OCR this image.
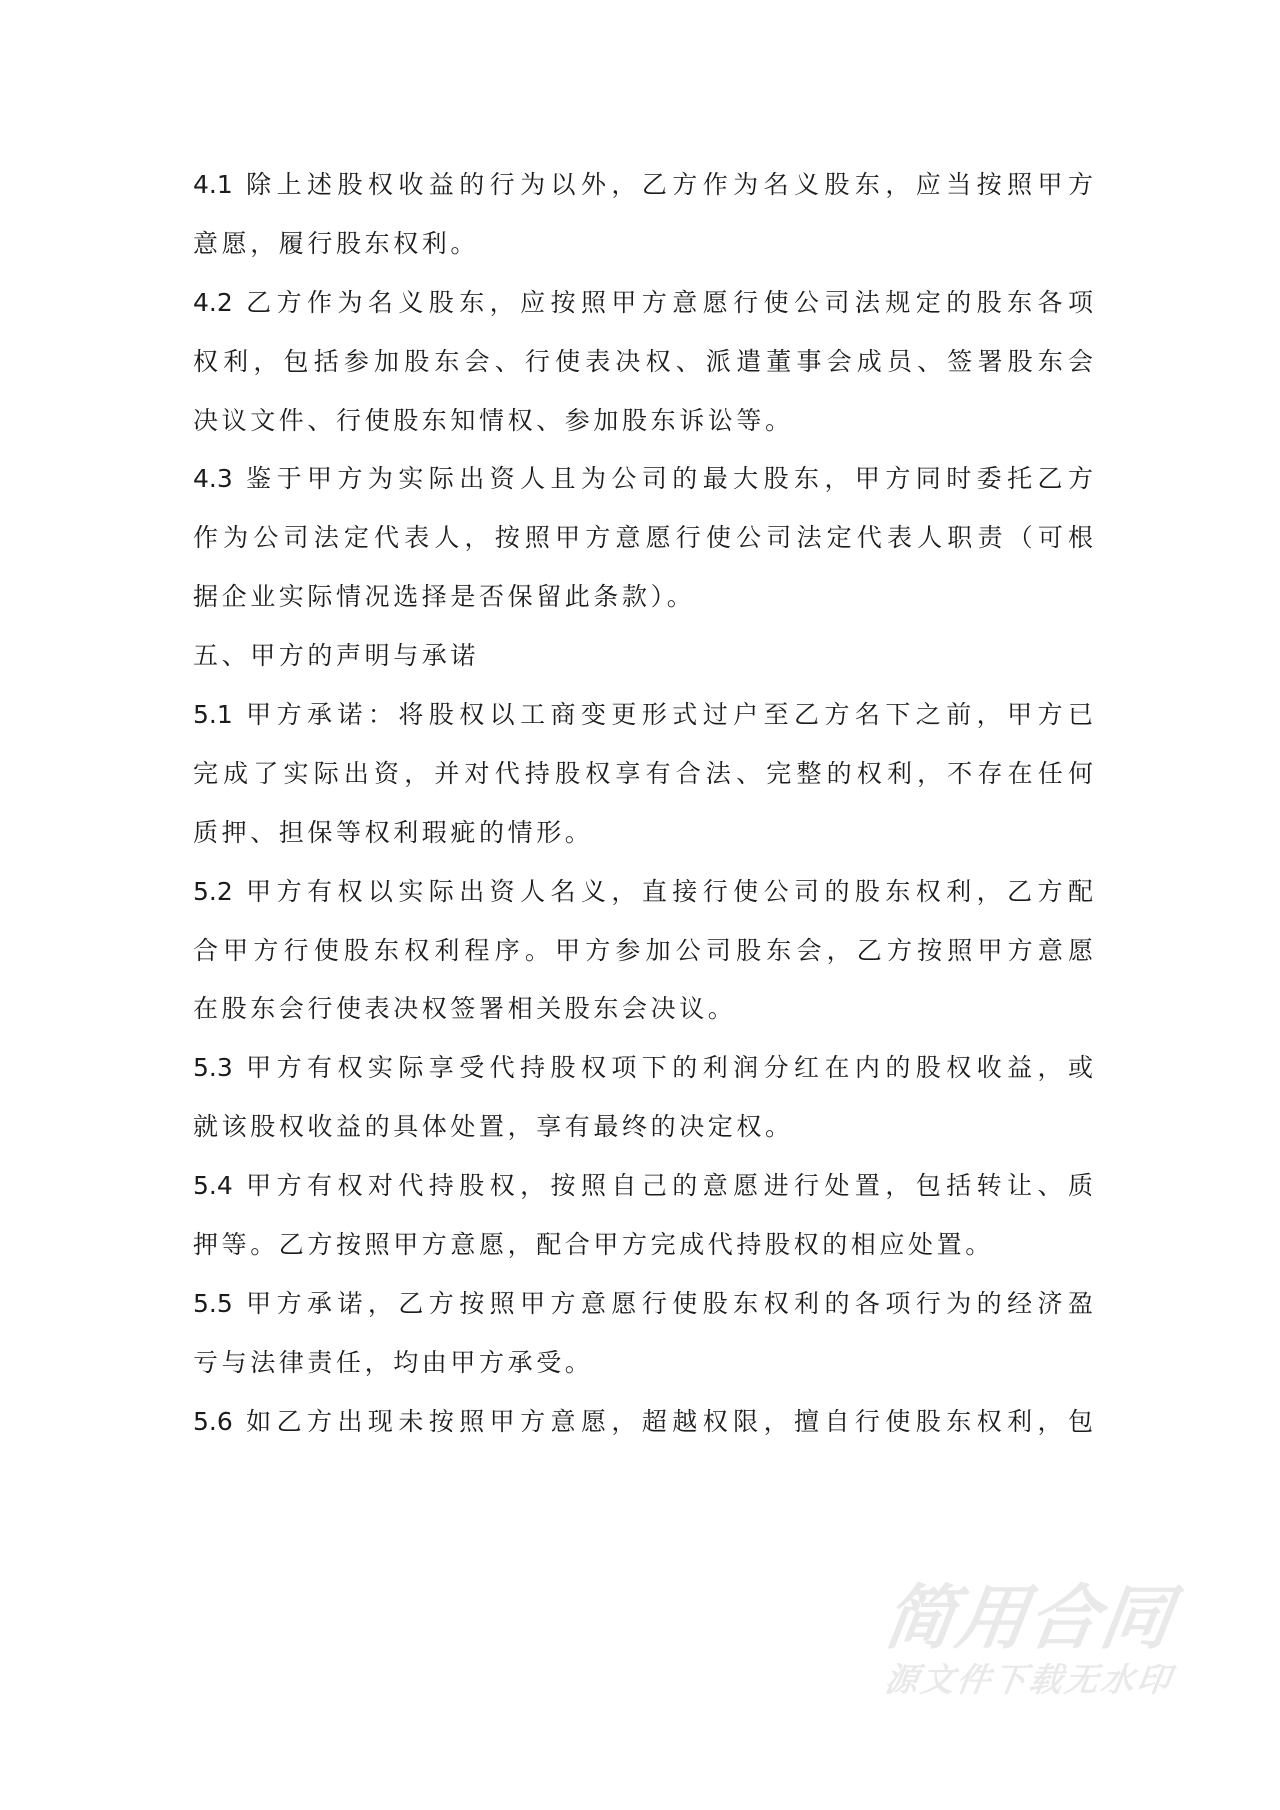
4.1 除上述股权收益的行为以外，乙方作为名义股东，应当按照甲方
意愿，履行股东权利。
4.2 乙方作为名义股东，应按照甲方意愿行使公司法规定的股东各项
权利，包括参加股东会、行使表决权、派遣董事会成员、签署股东会
决议文件、行使股东知情权、参加股东诉讼等。
4.3 鉴于甲方为实际出资人且为公司的最大股东，甲方同时委托乙方
作为公司法定代表人，按照甲方意愿行使公司法定代表人职责（可根
据企业实际情况选择是否保留此条款）。
五、甲方的声明与承诺
5.1 甲方承诺：将股权以工商变更形式过户至乙方名下之前，甲方已
完成了实际出资，并对代持股权享有合法、完整的权利，不存在任何
质押、担保等权利瑕疵的情形。
5.2 甲方有权以实际出资人名义，直接行使公司的股东权利，乙方配
合甲方行使股东权利程序。甲方参加公司股东会，乙方按照甲方意愿
在股东会行使表决权签署相关股东会决议。
5.3 甲方有权实际享受代持股权项下的利润分红在内的股权收益，或
就该股权收益的具体处置，享有最终的决定权。
5.4 甲方有权对代持股权，按照自己的意愿进行处置，包括转让、质
押等。乙方按照甲方意愿，配合甲方完成代持股权的相应处置。
5.5 甲方承诺，乙方按照甲方意愿行使股东权利的各项行为的经济盈
亏与法律责任，均由甲方承受。
5.6 如乙方出现未按照甲方意愿，超越权限，擅自行使股东权利，包
简用合同
源文件下载无水印
